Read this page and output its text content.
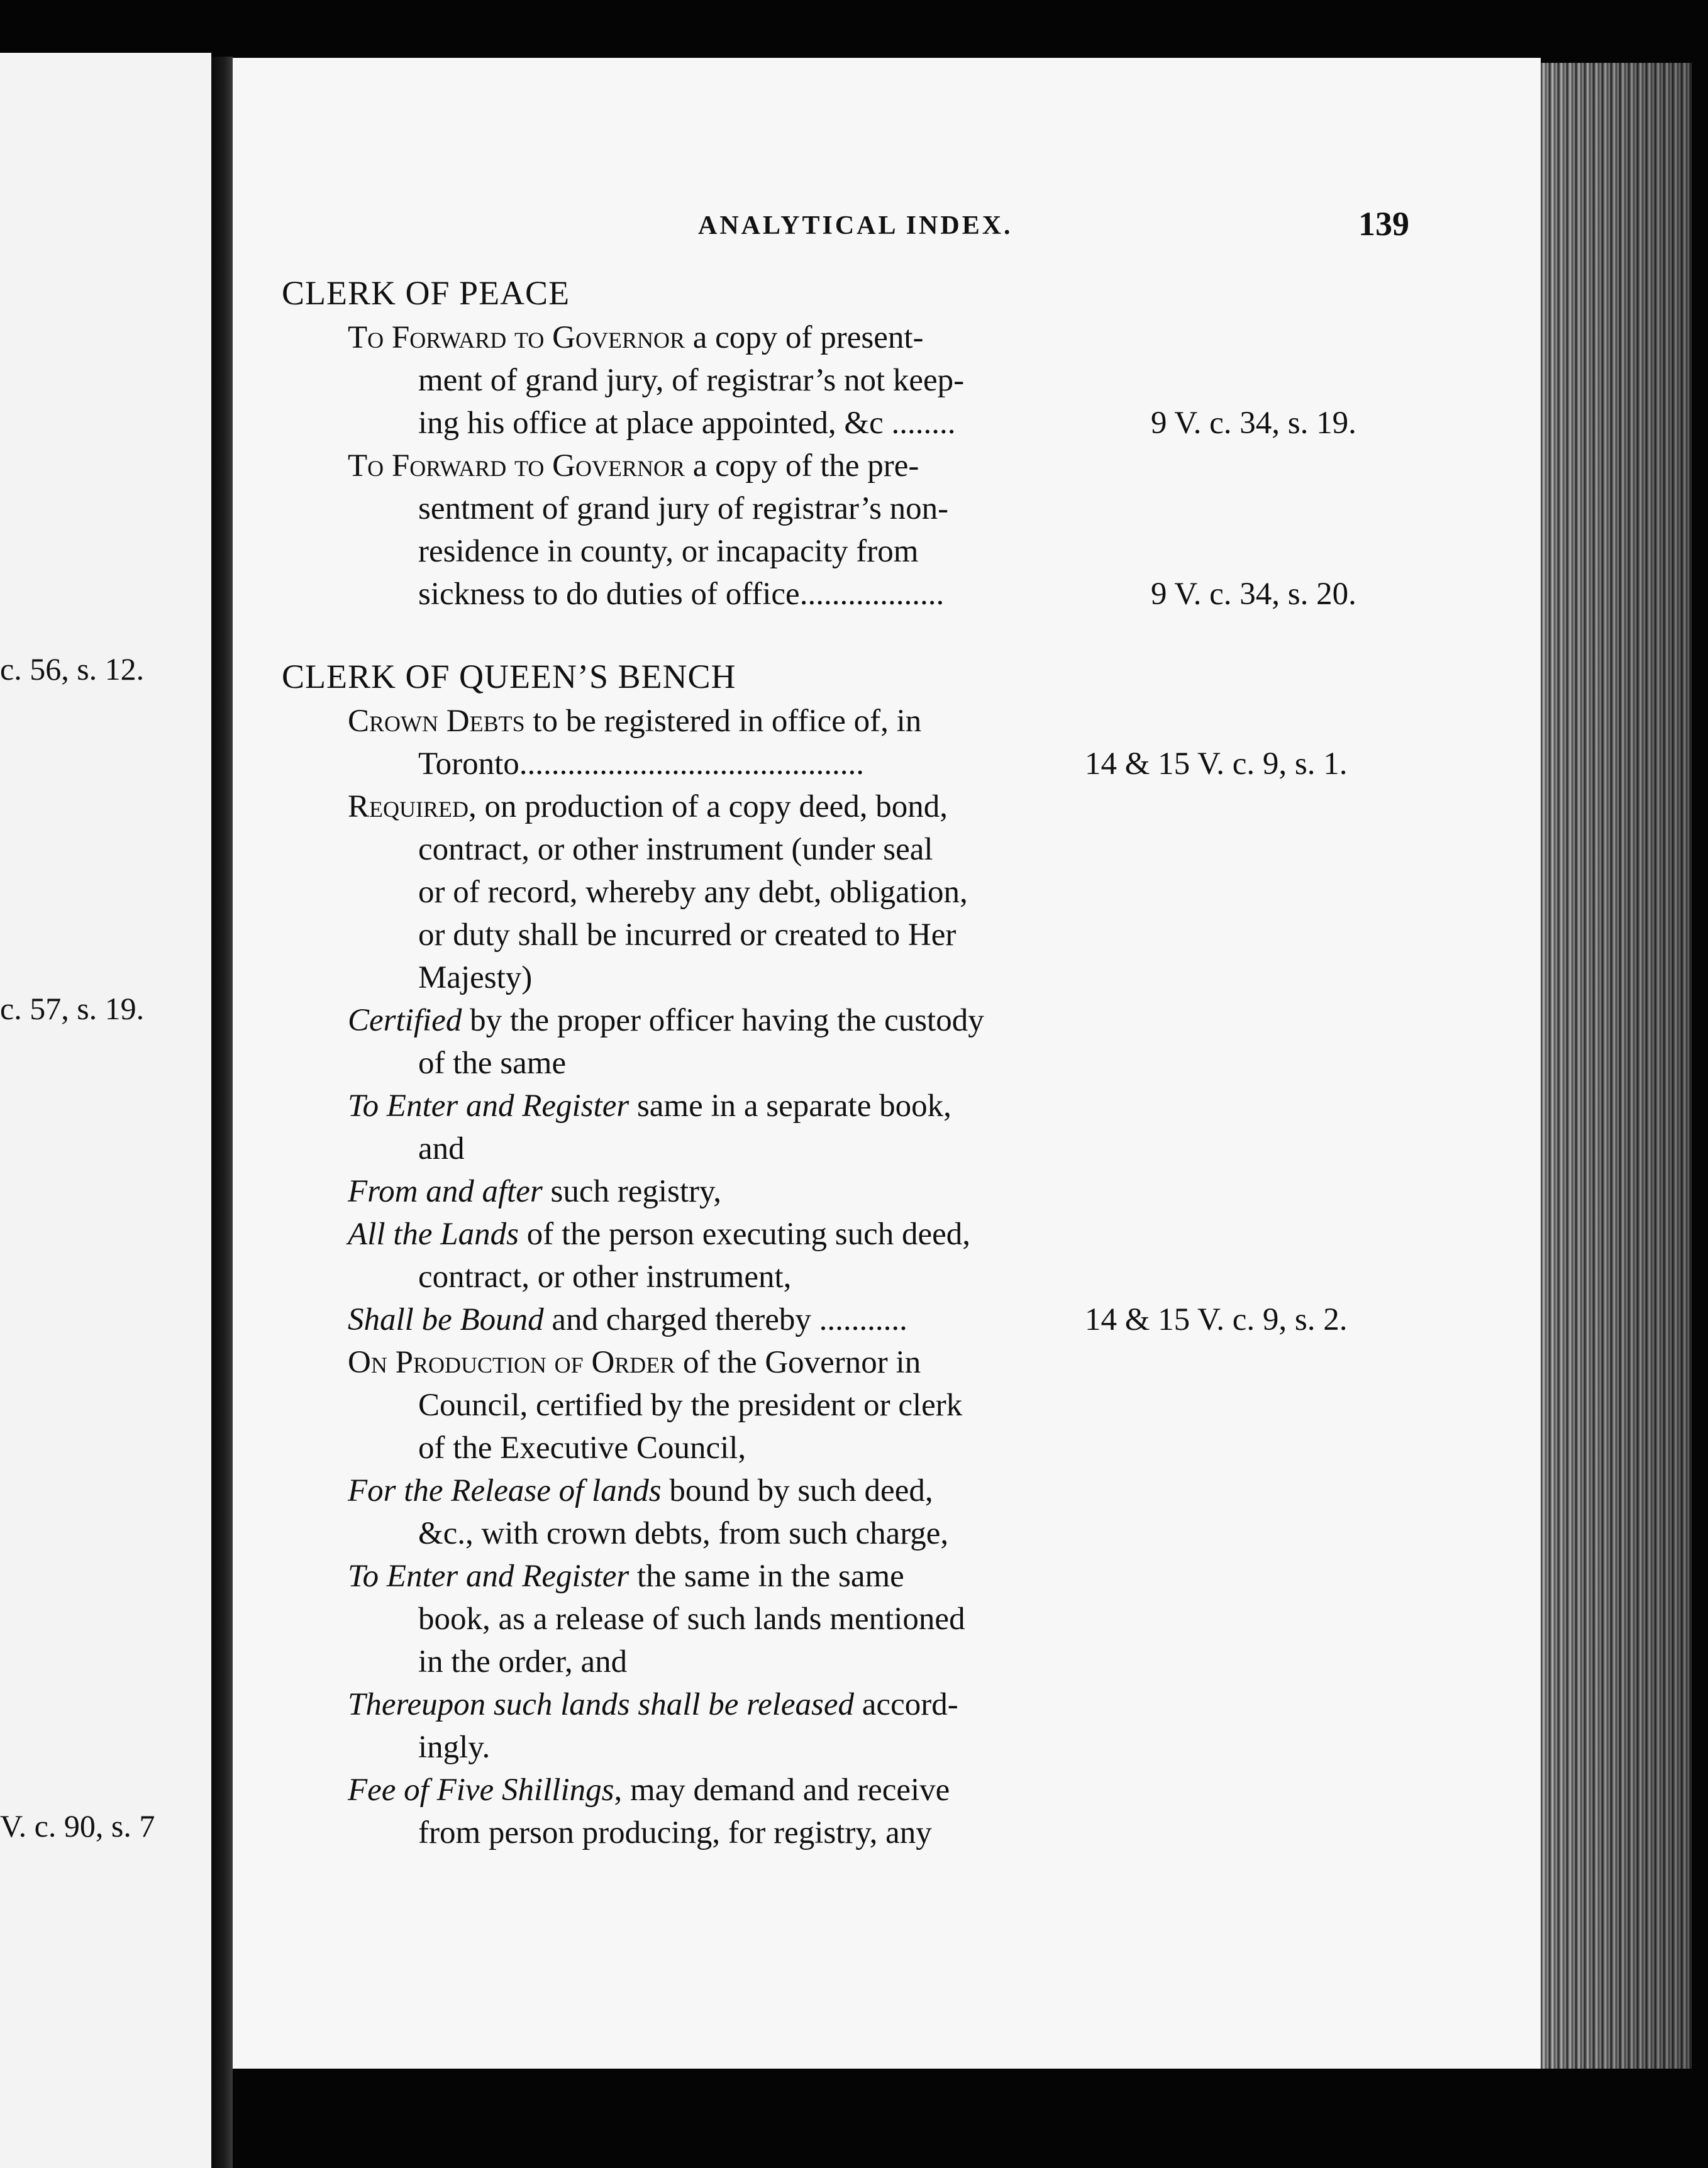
c. 56, s. 12.
c. 57, s. 19.
V. c. 90, s. 7
ANALYTICAL INDEX.	139
CLERK OF PEACE
To Forward to Governor a copy of present-
ment of grand jury, of registrar’s not keep-
ing his office at place appointed, &c ........	9 V. c. 34, s. 19.
To Forward to Governor a copy of the pre-
sentment of grand jury of registrar’s non-
residence in county, or incapacity from
sickness to do duties of office..................	9 V. c. 34, s. 20.
CLERK OF QUEEN’S BENCH
Crown Debts to be registered in office of, in
Toronto...........................................	14 & 15 V. c. 9, s. 1.
Required, on production of a copy deed, bond,
contract, or other instrument (under seal
or of record, whereby any debt, obligation,
or duty shall be incurred or created to Her
Majesty)
Certified by the proper officer having the custody
of the same
To Enter and Register same in a separate book,
and
From and after such registry,
All the Lands of the person executing such deed,
contract, or other instrument,
Shall be Bound and charged thereby ...........	14 & 15 V. c. 9, s. 2.
On Production of Order of the Governor in
Council, certified by the president or clerk
of the Executive Council,
For the Release of lands bound by such deed,
&c., with crown debts, from such charge,
To Enter and Register the same in the same
book, as a release of such lands mentioned
in the order, and
Thereupon such lands shall be released accord-
ingly.
Fee of Five Shillings, may demand and receive
from person producing, for registry, any
